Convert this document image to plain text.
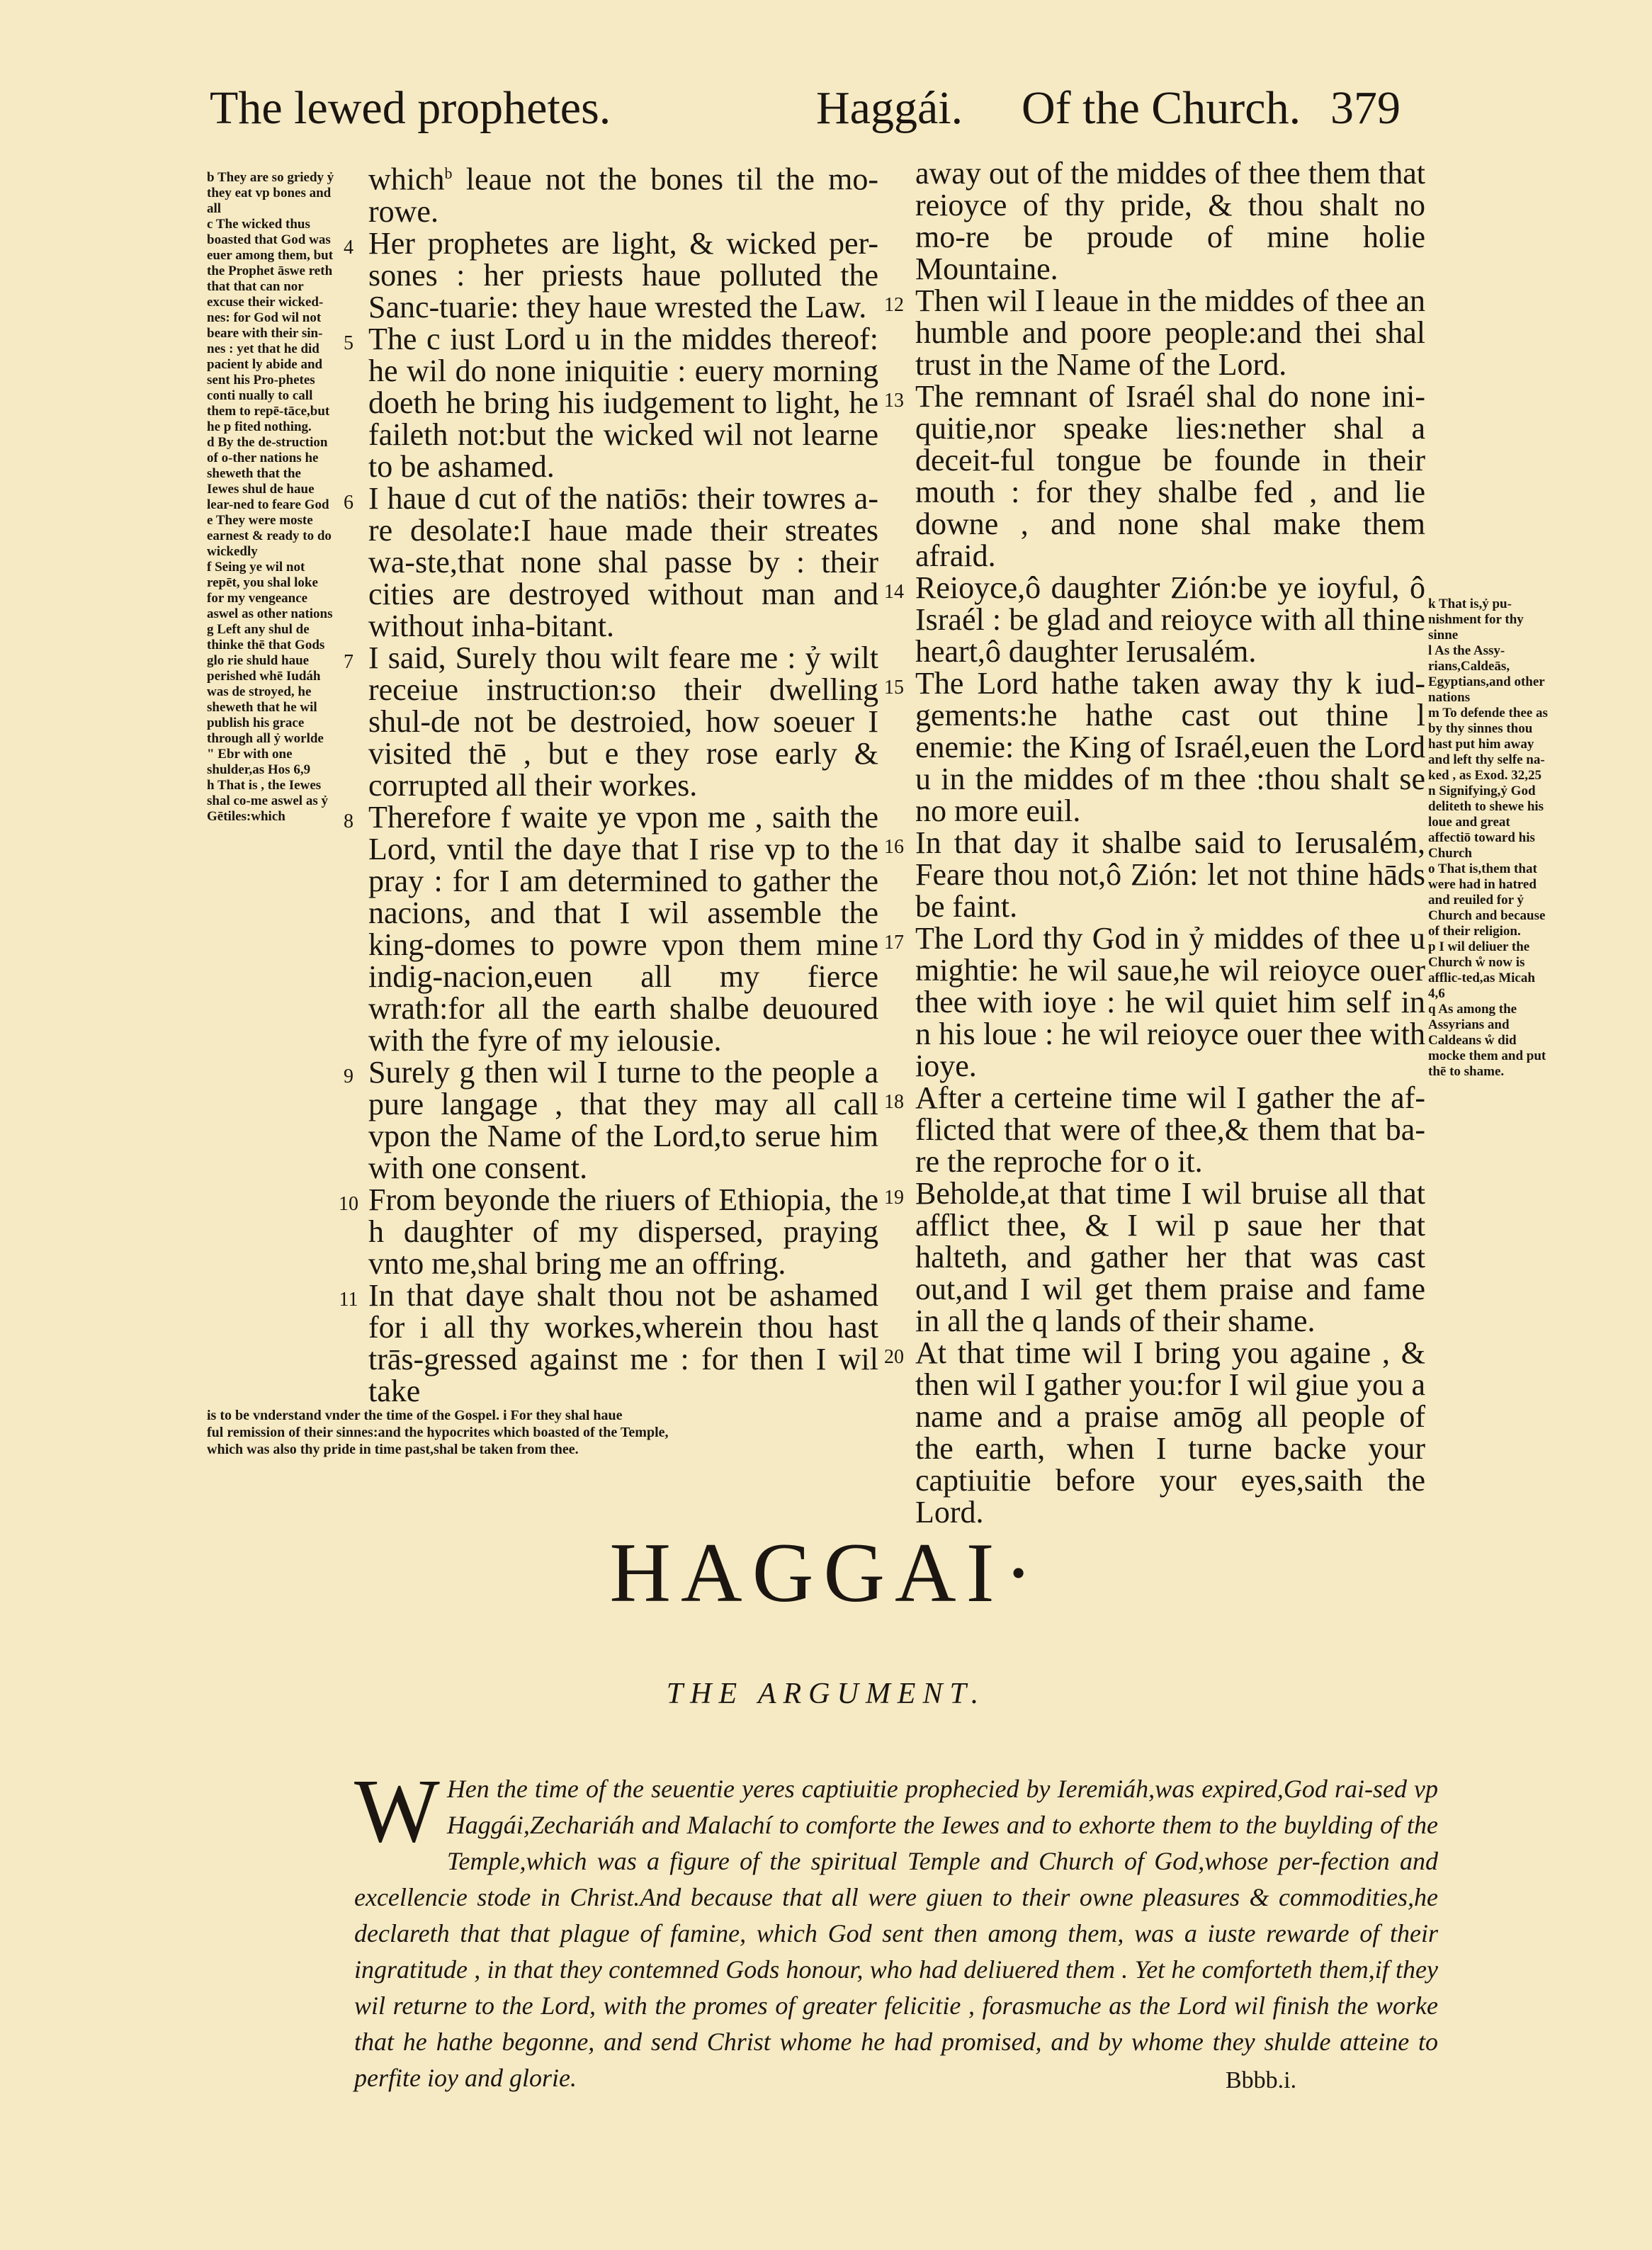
The lewed prophetes.	Haggái. Of the Church. 379
b They are so griedy ỷ they eat vp bones and all
c The wicked thus boasted that God was euer among them, but the Prophet āswe reth that that can nor excuse their wicked-nes: for God wil not beare with their sin-nes : yet that he did pacient ly abide and sent his Pro-phetes conti nually to call them to repē-tāce,but he p fited nothing.
d By the de-struction of o-ther nations he sheweth that the Iewes shul de haue lear-ned to feare God
e They were moste earnest & ready to do wickedly
f Seing ye wil not repēt, you shal loke for my vengeance aswel as other nations
g Left any shul de thinke thē that Gods glo rie shuld haue perished whē Iudáh was de stroyed, he sheweth that he wil publish his grace through all ỷ worlde
" Ebr with one shulder,as Hos 6,9
h That is , the Iewes shal co-me aswel as ỷ Gētiles:which
which$^b$ leaue not the bones til the mo- rowe.
4 Her prophetes are light, & wicked per-sones : her priests haue polluted the Sanc-tuarie: they haue wrested the Law.
5 The c iust Lord u in the middes thereof: he wil do none iniquitie : euery morning doeth he bring his iudgement to light, he faileth not:but the wicked wil not learne to be ashamed.
6 I haue d cut of the natiōs: their towres a-re desolate:I haue made their streates wa-ste,that none shal passe by : their cities are destroyed without man and without inha-bitant.
7 I said, Surely thou wilt feare me : ỷ wilt receiue instruction:so their dwelling shul-de not be destroied, how soeuer I visited thē , but e they rose early & corrupted all their workes.
8 Therefore f waite ye vpon me , saith the Lord, vntil the daye that I rise vp to the pray : for I am determined to gather the nacions, and that I wil assemble the king-domes to powre vpon them mine indig-nacion,euen all my fierce wrath:for all the earth shalbe deuoured with the fyre of my ielousie.
9 Surely g then wil I turne to the people a pure langage , that they may all call vpon the Name of the Lord,to serue him with one consent.
10 From beyonde the riuers of Ethiopia, the h daughter of my dispersed, praying vnto me,shal bring me an offring.
11 In that daye shalt thou not be ashamed for i all thy workes,wherein thou hast trās-gressed against me : for then I wil take
away out of the middes of thee them that reioyce of thy pride, & thou shalt no mo-re be proude of mine holie Mountaine.
12 Then wil I leaue in the middes of thee an humble and poore people:and thei shal trust in the Name of the Lord.
13 The remnant of Israél shal do none ini-quitie,nor speake lies:nether shal a deceit-ful tongue be founde in their mouth : for they shalbe fed , and lie downe , and none shal make them afraid.
14 Reioyce,ô daughter Zión:be ye ioyful, ô Israél : be glad and reioyce with all thine heart,ô daughter Ierusalém.
15 The Lord hathe taken away thy k iud-gements:he hathe cast out thine l enemie: the King of Israél,euen the Lord u in the middes of m thee :thou shalt se no more euil.
16 In that day it shalbe said to Ierusalém, Feare thou not,ô Zión: let not thine hāds be faint.
17 The Lord thy God in ỷ middes of thee u mightie: he wil saue,he wil reioyce ouer thee with ioye : he wil quiet him self in n his loue : he wil reioyce ouer thee with ioye.
18 After a certeine time wil I gather the af-flicted that were of thee,& them that ba-re the reproche for o it.
19 Beholde,at that time I wil bruise all that afflict thee, & I wil p saue her that halteth, and gather her that was cast out,and I wil get them praise and fame in all the q lands of their shame.
20 At that time wil I bring you againe , & then wil I gather you:for I wil giue you a name and a praise amōg all people of the earth, when I turne backe your captiuitie before your eyes,saith the Lord.
k That is,ỷ pu-nishment for thy sinne
l As the Assy-rians,Caldeās, Egyptians,and other nations
m To defende thee as by thy sinnes thou hast put him away and left thy selfe na-ked , as Exod. 32,25
n Signifying,ỷ God deliteth to shewe his loue and great affectiō toward his Church
o That is,them that were had in hatred and reuiled for ỷ Church and because of their religion.
p I wil deliuer the Church ẘ now is afflic-ted,as Micah 4,6
q As among the Assyrians and Caldeans ẘ did mocke them and put thē to shame.
is to be vnderstand vnder the time of the Gospel. i For they shal haue
ful remission of their sinnes:and the hypocrites which boasted of the Temple,
which was also thy pride in time past,shal be taken from thee.
HAGGAI·
THE ARGUMENT.
W Hen the time of the seuentie yeres captiuitie prophecied by Ieremiáh,was expired,God rai-sed vp Haggái,Zechariáh and Malachí to comforte the Iewes and to exhorte them to the buylding of the Temple,which was a figure of the spiritual Temple and Church of God,whose per-fection and excellencie stode in Christ.And because that all were giuen to their owne pleasures & commodities,he declareth that that plague of famine, which God sent then among them, was a iuste rewarde of their ingratitude , in that they contemned Gods honour, who had deliuered them . Yet he comforteth them,if they wil returne to the Lord, with the promes of greater felicitie , forasmuche as the Lord wil finish the worke that he hathe begonne, and send Christ whome he had promised, and by whome they shulde atteine to perfite ioy and glorie.	Bbbb.i.
